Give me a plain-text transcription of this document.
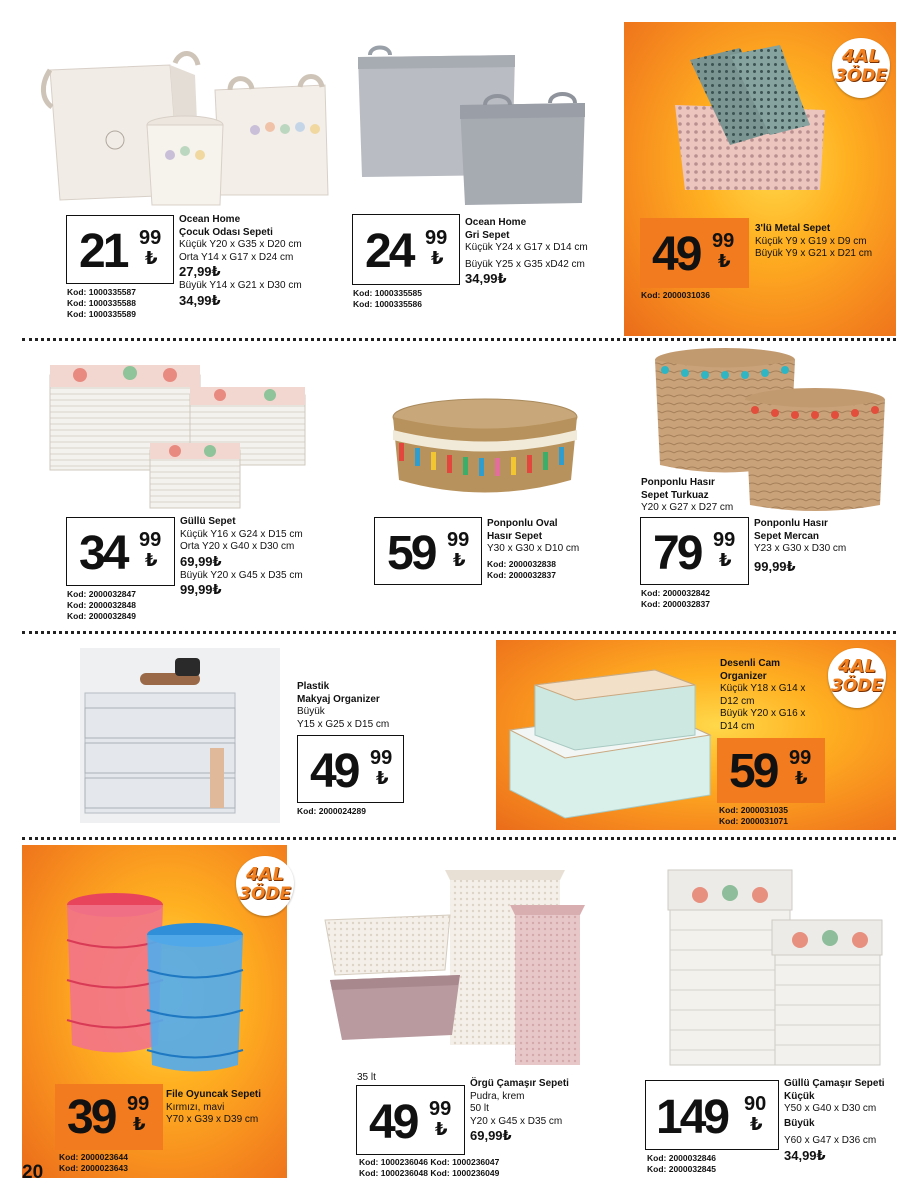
4AL
3ÖDE
4AL
3ÖDE
4AL
3ÖDE
21 99
₺
Ocean Home
Çocuk Odası Sepeti
Küçük Y20 x G35 x D20 cm
Orta Y14 x G17 x D24 cm
27,99₺
Büyük Y14 x G21 x D30 cm
34,99₺
Kod: 1000335587
Kod: 1000335588
Kod: 1000335589
24 99
₺
Ocean Home
Gri Sepet
Küçük Y24 x G17 x D14 cm
Büyük Y25 x G35 xD42 cm
34,99₺
Kod: 1000335585
Kod: 1000335586
49 99
₺
3'lü Metal Sepet
Küçük Y9 x G19 x D9 cm
Büyük Y9 x G21 x D21 cm
Kod: 2000031036
34 99
₺
Güllü Sepet
Küçük Y16 x G24 x D15 cm
Orta Y20 x G40 x D30 cm
69,99₺
Büyük Y20 x G45 x D35 cm
99,99₺
Kod: 2000032847
Kod: 2000032848
Kod: 2000032849
59 99
₺
Ponponlu Oval
Hasır Sepet
Y30 x G30 x D10 cm
Kod: 2000032838
Kod: 2000032837
Ponponlu Hasır
Sepet Turkuaz
Y20 x G27 x D27 cm
79 99
₺
Ponponlu Hasır
Sepet Mercan
Y23 x G30 x D30 cm
99,99₺
Kod: 2000032842
Kod: 2000032837
Plastik
Makyaj Organizer
Büyük
Y15 x G25 x D15 cm
49 99
₺
Kod: 2000024289
Desenli Cam
Organizer
Küçük Y18 x G14 x
D12 cm
Büyük Y20 x G16 x
D14 cm
59 99
₺
Kod: 2000031035
Kod: 2000031071
39 99
₺
File Oyuncak Sepeti
Kırmızı, mavi
Y70 x G39 x D39 cm
Kod: 2000023644
Kod: 2000023643
35 lt
49 99
₺
Örgü Çamaşır Sepeti
Pudra, krem
50 lt
Y20 x G45 x D35 cm
69,99₺
Kod: 1000236046 Kod: 1000236047
Kod: 1000236048 Kod: 1000236049
149 90
₺
Güllü Çamaşır Sepeti
Küçük
Y50 x G40 x D30 cm
Büyük
Y60 x G47 x D36 cm
34,99₺
Kod: 2000032846
Kod: 2000032845
20
